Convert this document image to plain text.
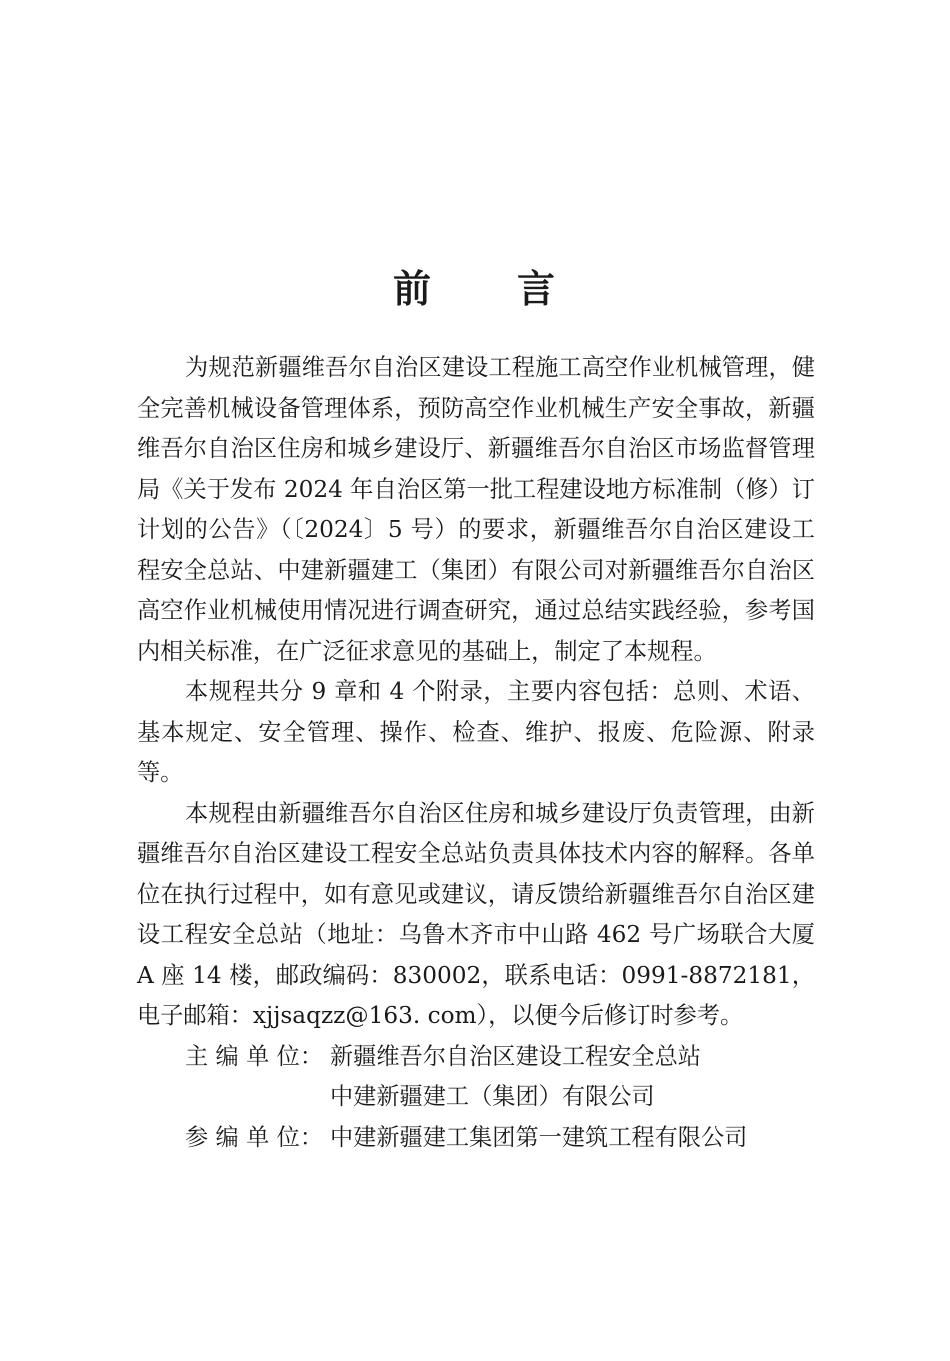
前 言

为规范新疆维吾尔自治区建设工程施工高空作业机械管理，健全完善机械设备管理体系，预防高空作业机械生产安全事故，新疆维吾尔自治区住房和城乡建设厅、新疆维吾尔自治区市场监督管理局《关于发布 2024 年自治区第一批工程建设地方标准制（修）订计划的公告》（〔2024〕5 号）的要求，新疆维吾尔自治区建设工程安全总站、中建新疆建工（集团）有限公司对新疆维吾尔自治区高空作业机械使用情况进行调查研究，通过总结实践经验，参考国内相关标准，在广泛征求意见的基础上，制定了本规程。

本规程共分 9 章和 4 个附录，主要内容包括：总则、术语、基本规定、安全管理、操作、检查、维护、报废、危险源、附录等。

本规程由新疆维吾尔自治区住房和城乡建设厅负责管理，由新疆维吾尔自治区建设工程安全总站负责具体技术内容的解释。各单位在执行过程中，如有意见或建议，请反馈给新疆维吾尔自治区建设工程安全总站（地址：乌鲁木齐市中山路 462 号广场联合大厦 A 座 14 楼，邮政编码：830002，联系电话：0991-8872181，电子邮箱：xjjsaqzz@163. com），以便今后修订时参考。

主 编 单 位： 新疆维吾尔自治区建设工程安全总站
中建新疆建工（集团）有限公司
参 编 单 位： 中建新疆建工集团第一建筑工程有限公司
